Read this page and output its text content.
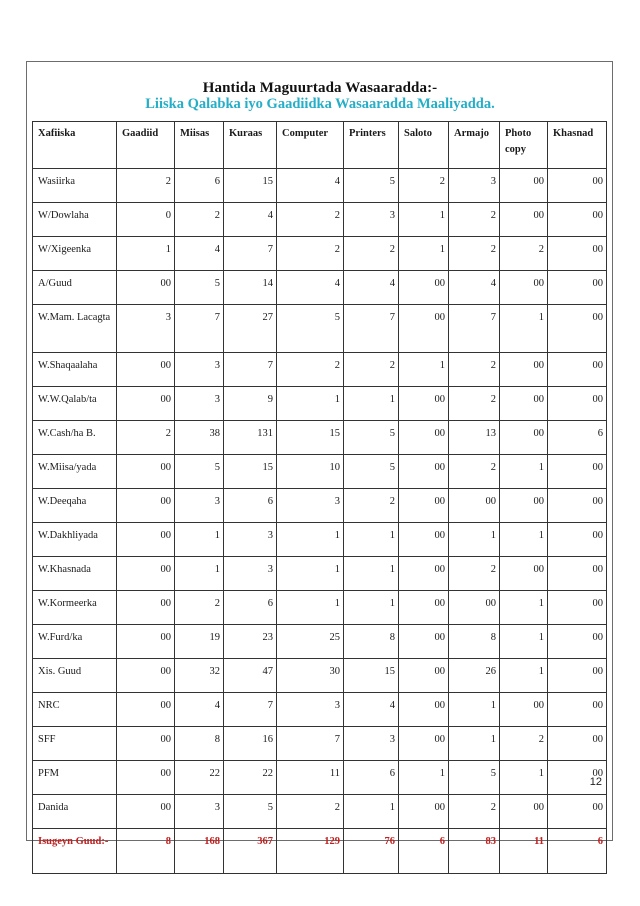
Hantida Maguurtada Wasaaradda:-
Liiska Qalabka iyo Gaadiidka Wasaaradda Maaliyadda.
Xafiiska	Gaadiid	Miisas	Kuraas	Computer	Printers	Saloto	Armajo	Photo copy	Khasnad
Wasiirka	2	6	15	4	5	2	3	00	00
W/Dowlaha	0	2	4	2	3	1	2	00	00
W/Xigeenka	1	4	7	2	2	1	2	2	00
A/Guud	00	5	14	4	4	00	4	00	00
W.Mam. Lacagta	3	7	27	5	7	00	7	1	00
W.Shaqaalaha	00	3	7	2	2	1	2	00	00
W.W.Qalab/ta	00	3	9	1	1	00	2	00	00
W.Cash/ha B.	2	38	131	15	5	00	13	00	6
W.Miisa/yada	00	5	15	10	5	00	2	1	00
W.Deeqaha	00	3	6	3	2	00	00	00	00
W.Dakhliyada	00	1	3	1	1	00	1	1	00
W.Khasnada	00	1	3	1	1	00	2	00	00
W.Kormeerka	00	2	6	1	1	00	00	1	00
W.Furd/ka	00	19	23	25	8	00	8	1	00
Xis. Guud	00	32	47	30	15	00	26	1	00
NRC	00	4	7	3	4	00	1	00	00
SFF	00	8	16	7	3	00	1	2	00
PFM	00	22	22	11	6	1	5	1	00
Danida	00	3	5	2	1	00	2	00	00
Isugeyn Guud:-	8	168	367	129	76	6	83	11	6
12
